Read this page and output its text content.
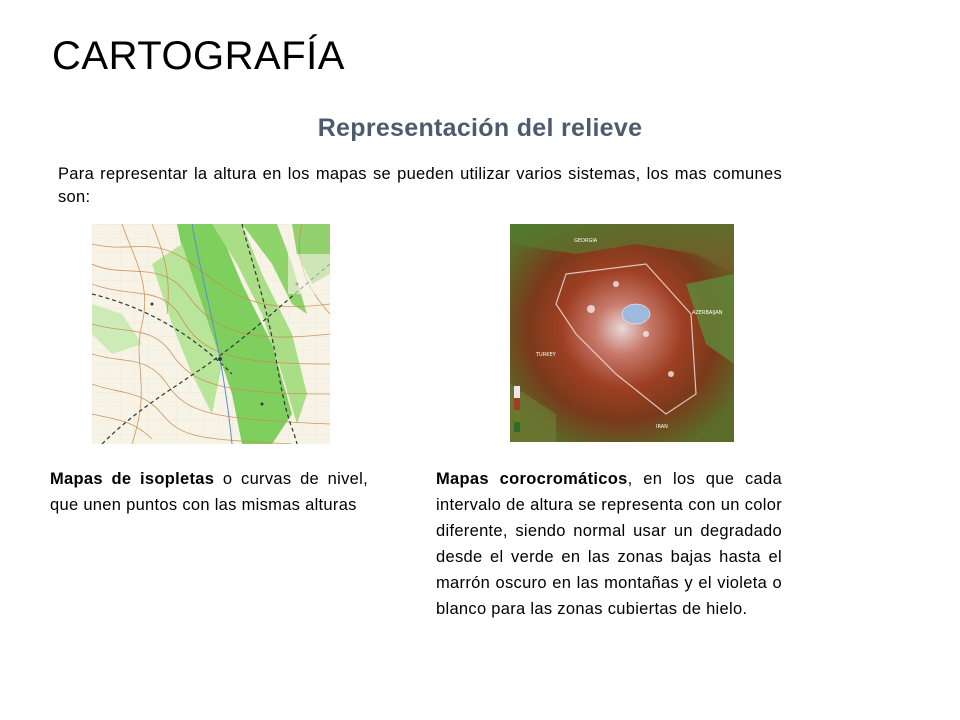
CARTOGRAFÍA
Representación del relieve
Para representar la altura en los mapas se pueden utilizar varios sistemas, los mas comunes son:
GEORGIA
AZERBAIJAN
TURKEY
IRAN
Mapas de isopletas o curvas de nivel, que unen puntos con las mismas alturas
Mapas corocromáticos, en los que cada intervalo de altura se representa con un color diferente, siendo normal usar un degradado desde el verde en las zonas bajas hasta el marrón oscuro en las montañas y el violeta o blanco para las zonas cubiertas de hielo.
